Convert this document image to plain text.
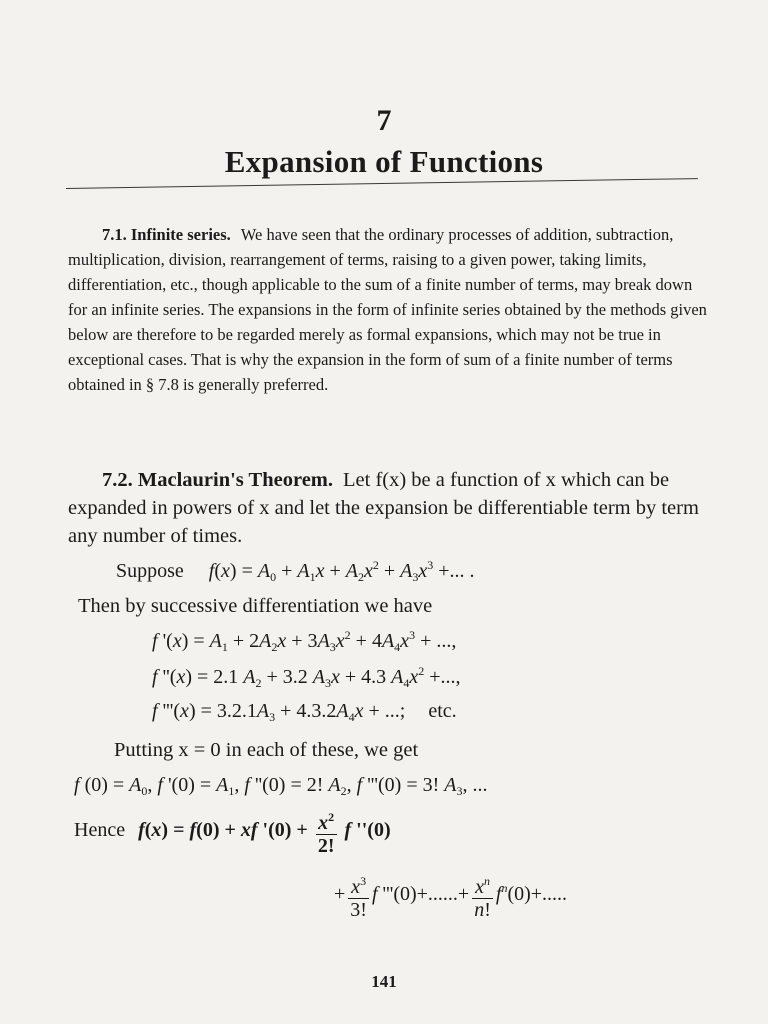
7
Expansion of Functions
7.1. Infinite series. We have seen that the ordinary processes of addition, subtraction, multiplication, division, rearrangement of terms, raising to a given power, taking limits, differentiation, etc., though applicable to the sum of a finite number of terms, may break down for an infinite series. The expansions in the form of infinite series obtained by the methods given below are therefore to be regarded merely as formal expansions, which may not be true in exceptional cases. That is why the expansion in the form of sum of a finite number of terms obtained in § 7.8 is generally preferred.
7.2. Maclaurin's Theorem. Let f(x) be a function of x which can be expanded in powers of x and let the expansion be differentiable term by term any number of times.
Suppose $f(x) = A_0 + A_1x + A_2x^2 + A_3x^3$ +... .
Then by successive differentiation we have
f '$(x) = A_1 + 2A_2x + 3A_3x^2 + 4A_4x^3$ + ...,
f ''(x) = 2.1 $A_2 + 3.2$ $A_3x + 4.3$ $A_4x^2$ +...,
f '''$(x) = 3.2.1A_3 + 4.3.2A_4x$ + ...; etc.
Putting x = 0 in each of these, we get
f $(0) = A_0$, f '$(0) = A_1$, f ''(0) = 2! $A_2$, f '''(0) = 3! $A_3$, ...
Hence f(x) = f(0) + xf '$(0) + \frac{x^2}{2!}$ f ''(0)
+ $\frac{x^3}{3!}$ f '''$(0)+......+ \frac{x^n}{n!} f^n(0)+$.....
141
